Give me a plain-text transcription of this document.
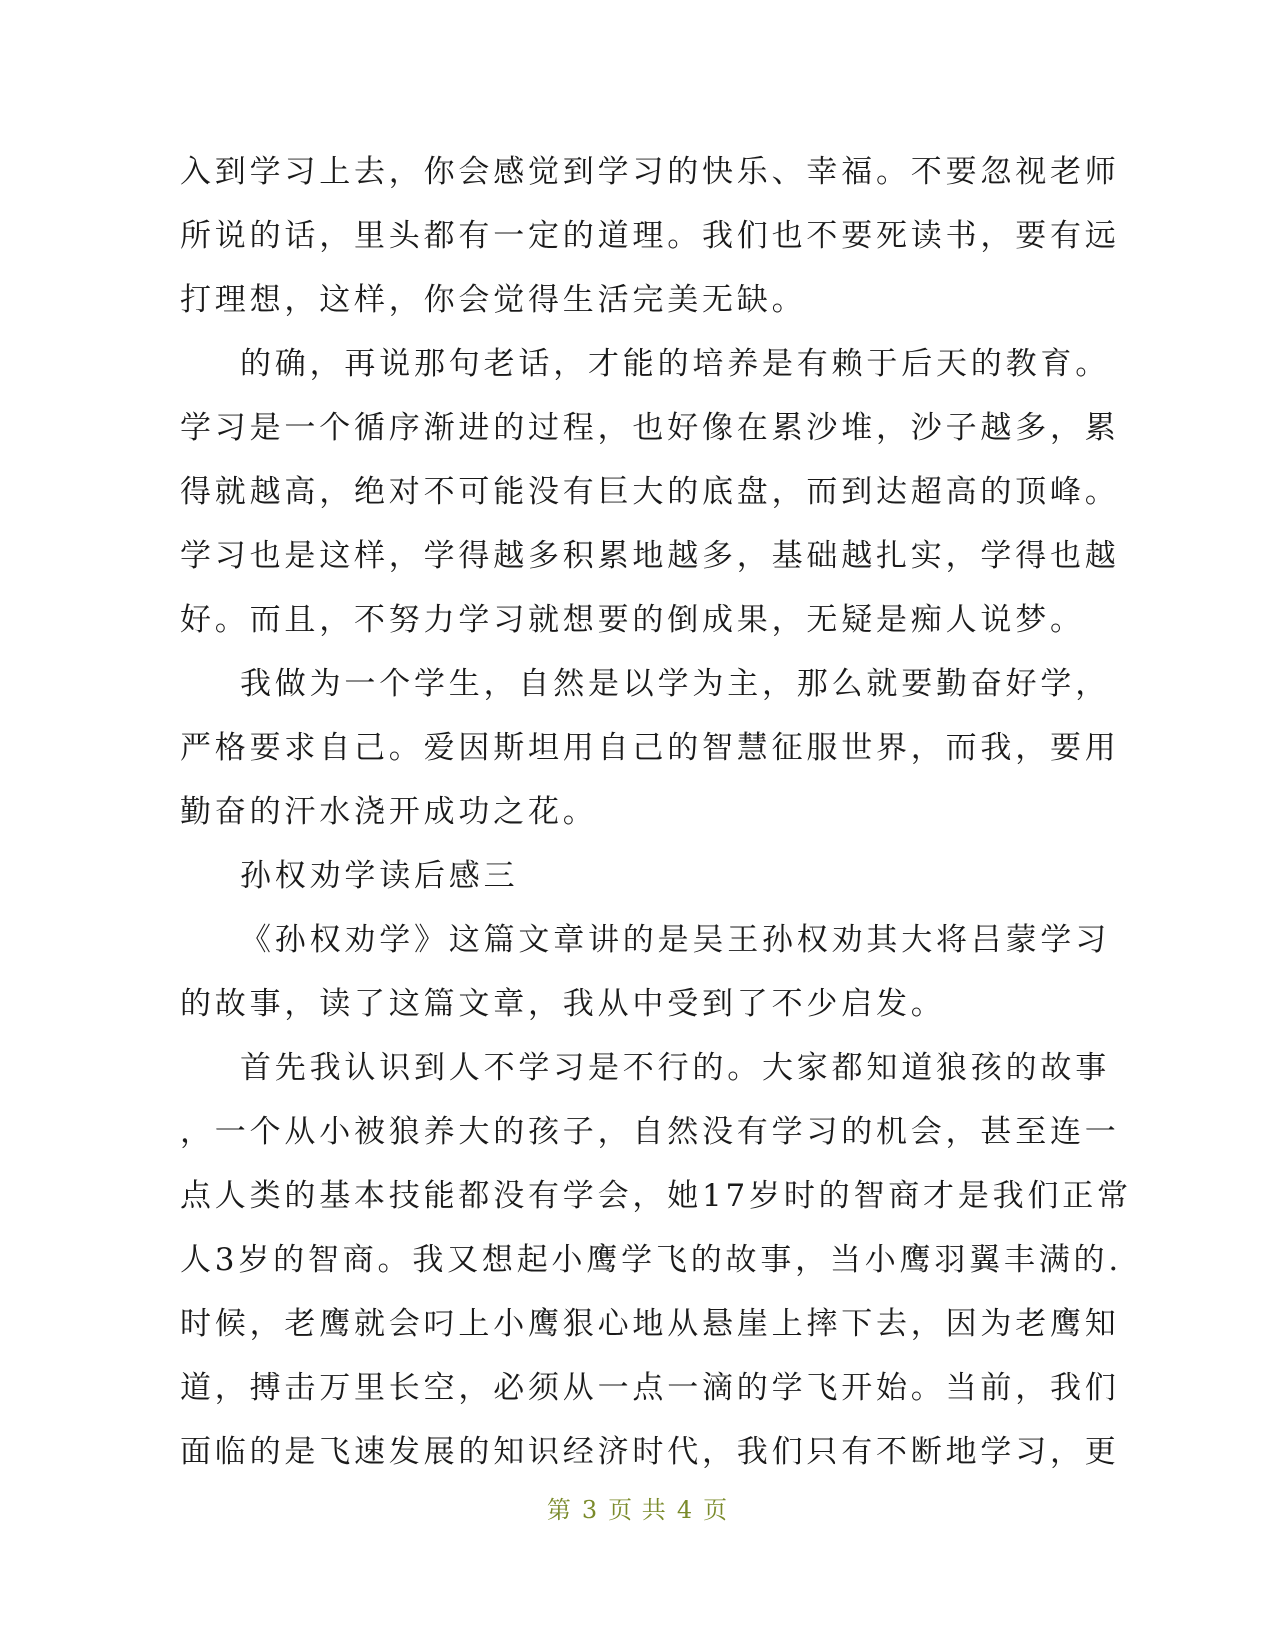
入到学习上去，你会感觉到学习的快乐、幸福。不要忽视老师
所说的话，里头都有一定的道理。我们也不要死读书，要有远
打理想，这样，你会觉得生活完美无缺。
的确，再说那句老话，才能的培养是有赖于后天的教育。
学习是一个循序渐进的过程，也好像在累沙堆，沙子越多，累
得就越高，绝对不可能没有巨大的底盘，而到达超高的顶峰。
学习也是这样，学得越多积累地越多，基础越扎实，学得也越
好。而且，不努力学习就想要的倒成果，无疑是痴人说梦。
我做为一个学生，自然是以学为主，那么就要勤奋好学，
严格要求自己。爱因斯坦用自己的智慧征服世界，而我，要用
勤奋的汗水浇开成功之花。
孙权劝学读后感三
《孙权劝学》这篇文章讲的是吴王孙权劝其大将吕蒙学习
的故事，读了这篇文章，我从中受到了不少启发。
首先我认识到人不学习是不行的。大家都知道狼孩的故事
，一个从小被狼养大的孩子，自然没有学习的机会，甚至连一
点人类的基本技能都没有学会，她17岁时的智商才是我们正常
人3岁的智商。我又想起小鹰学飞的故事，当小鹰羽翼丰满的.
时候，老鹰就会叼上小鹰狠心地从悬崖上摔下去，因为老鹰知
道，搏击万里长空，必须从一点一滴的学飞开始。当前，我们
面临的是飞速发展的知识经济时代，我们只有不断地学习，更
第 3 页 共 4 页
